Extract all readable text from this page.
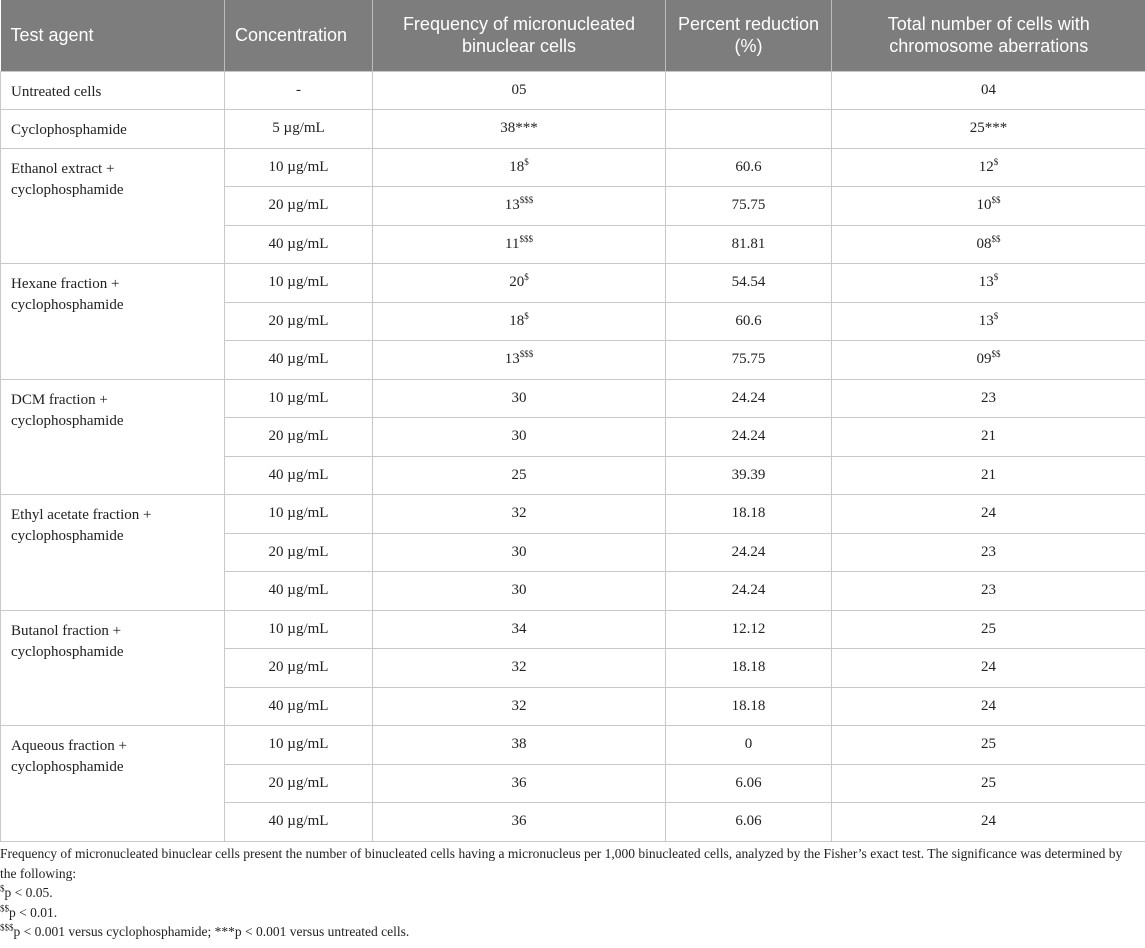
Test agent	Concentration	Frequency of micronucleated binuclear cells	Percent reduction (%)	Total number of cells with chromosome aberrations
Untreated cells	-	05		04
Cyclophosphamide	5 µg/mL	38***		25***
Ethanol extract + cyclophosphamide	10 µg/mL	18$	60.6	12$
	20 µg/mL	13$$$	75.75	10$$
	40 µg/mL	11$$$	81.81	08$$
Hexane fraction + cyclophosphamide	10 µg/mL	20$	54.54	13$
	20 µg/mL	18$	60.6	13$
	40 µg/mL	13$$$	75.75	09$$
DCM fraction + cyclophosphamide	10 µg/mL	30	24.24	23
	20 µg/mL	30	24.24	21
	40 µg/mL	25	39.39	21
Ethyl acetate fraction + cyclophosphamide	10 µg/mL	32	18.18	24
	20 µg/mL	30	24.24	23
	40 µg/mL	30	24.24	23
Butanol fraction + cyclophosphamide	10 µg/mL	34	12.12	25
	20 µg/mL	32	18.18	24
	40 µg/mL	32	18.18	24
Aqueous fraction + cyclophosphamide	10 µg/mL	38	0	25
	20 µg/mL	36	6.06	25
	40 µg/mL	36	6.06	24

Frequency of micronucleated binuclear cells present the number of binucleated cells having a micronucleus per 1,000 binucleated cells, analyzed by the Fisher’s exact test. The significance was determined by the following:

$p < 0.05.

$$p < 0.01.

$$$p < 0.001 versus cyclophosphamide; ***p < 0.001 versus untreated cells.
